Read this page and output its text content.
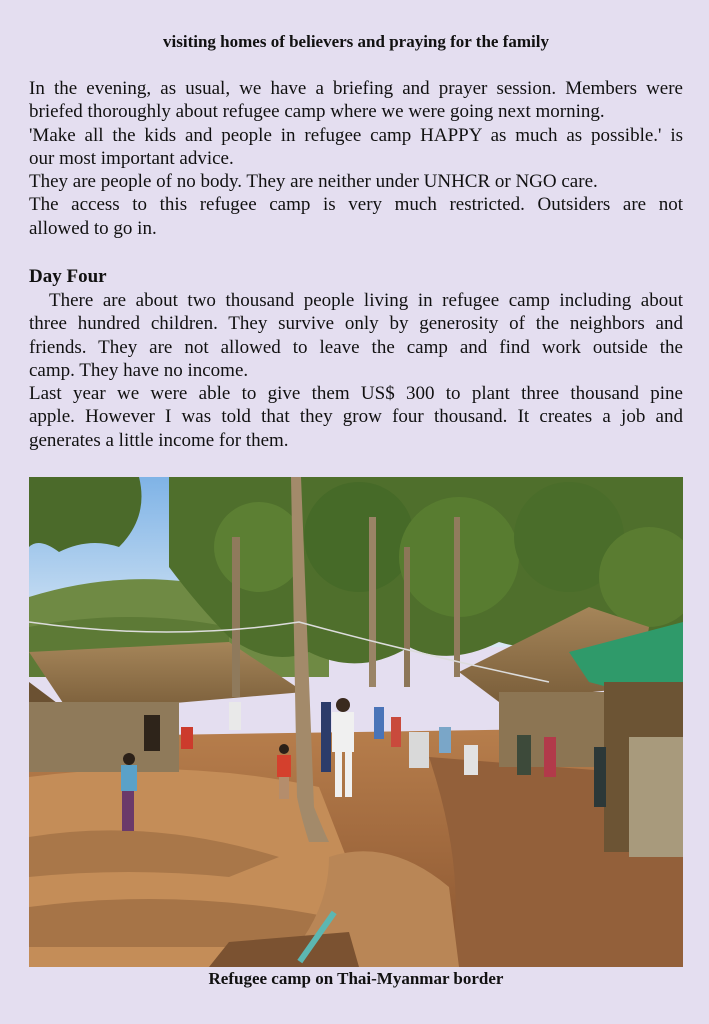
visiting homes of believers and praying for the family

In the evening, as usual, we have a briefing and prayer session. Members were
briefed thoroughly about refugee camp where we were going next morning.
'Make all the kids and people in refugee camp HAPPY as much as possible.' is
our most important advice.
They are people of no body. They are neither under UNHCR or NGO care.
The access to this refugee camp is very much restricted. Outsiders are not
allowed to go in.

Day Four

There are about two thousand people living in refugee camp including about
three hundred children. They survive only by generosity of the neighbors and
friends. They are not allowed to leave the camp and find work outside the
camp. They have no income.
Last year we were able to give them US$ 300 to plant three thousand pine
apple. However I was told that they grow four thousand. It creates a job and
generates a little income for them.

Refugee camp on Thai-Myanmar border
